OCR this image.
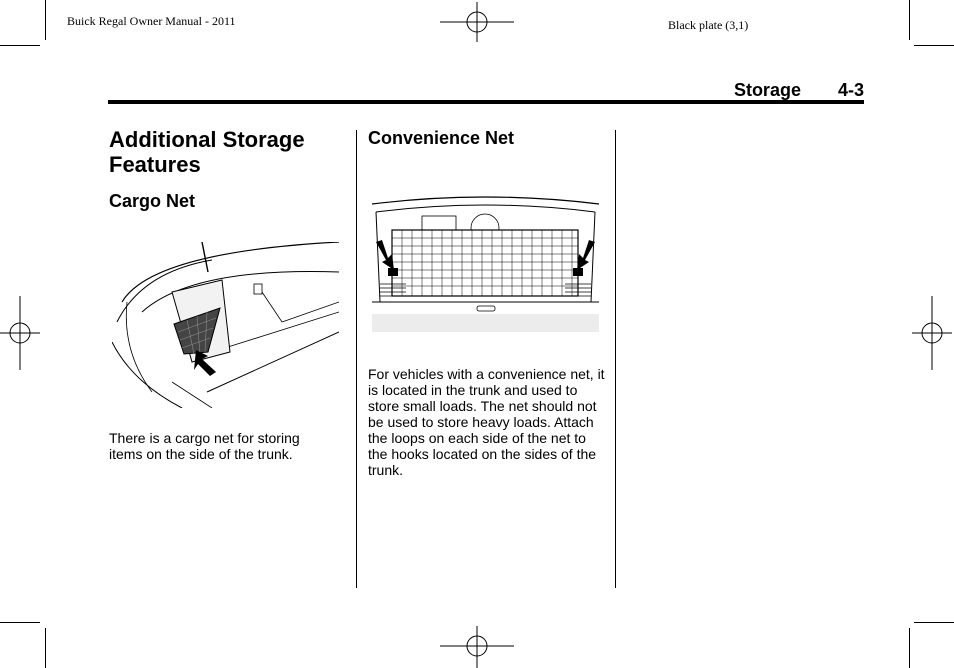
Buick Regal Owner Manual - 2011	Black plate (3,1)
Storage 4-3
Additional Storage Features
Cargo Net

There is a cargo net for storing items on the side of the trunk.

Convenience Net

For vehicles with a convenience net, it is located in the trunk and used to store small loads. The net should not be used to store heavy loads. Attach the loops on each side of the net to the hooks located on the sides of the trunk.
